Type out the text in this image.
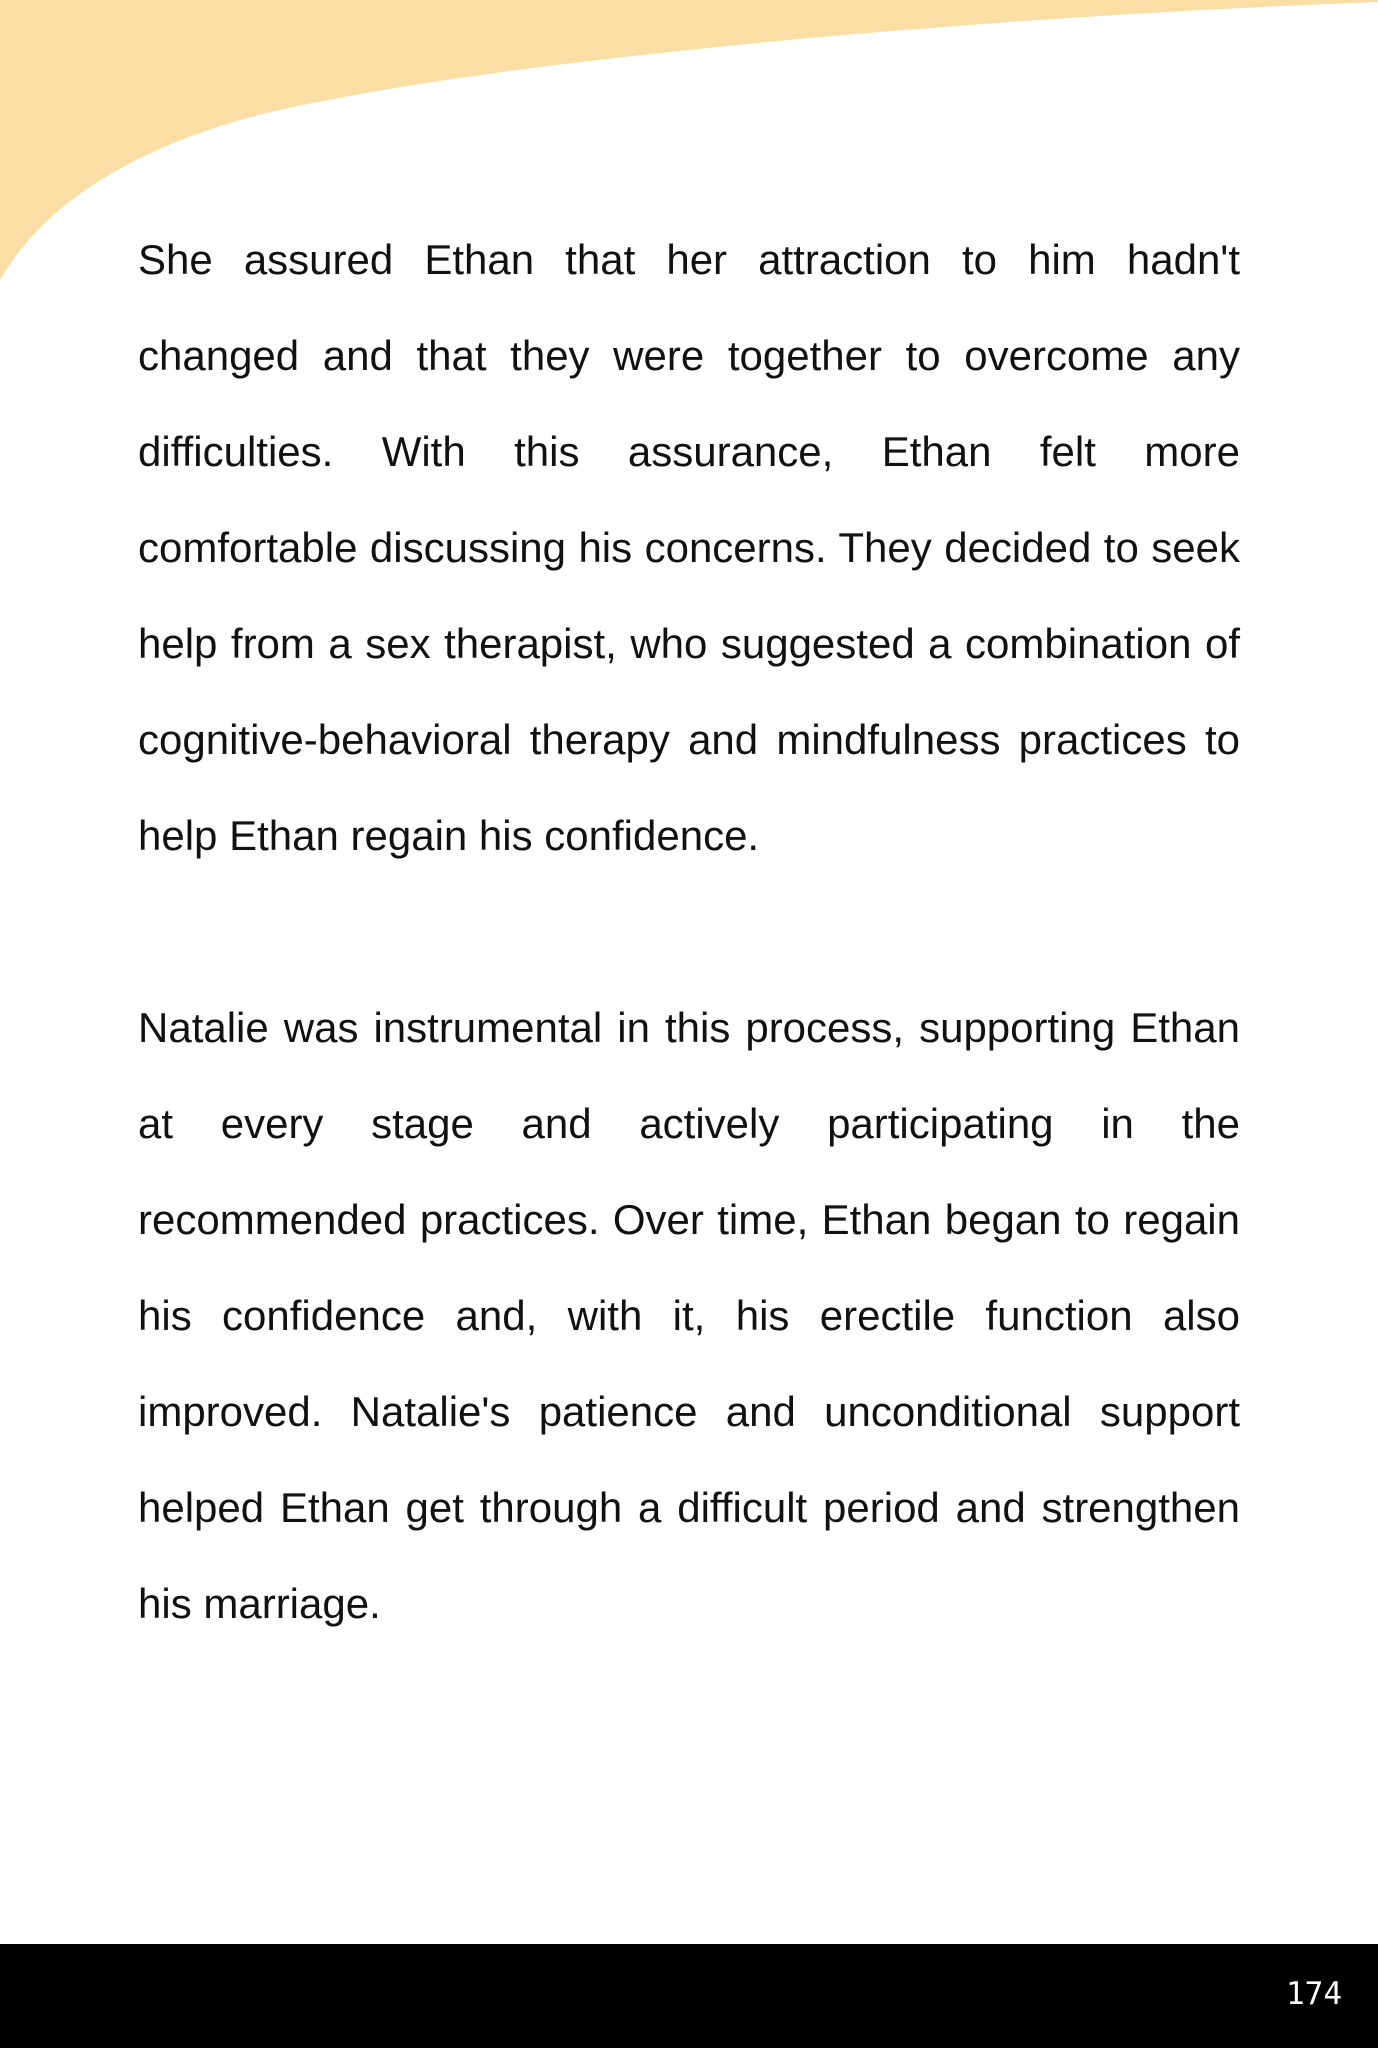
She assured Ethan that her attraction to him hadn't changed and that they were together to overcome any difficulties. With this assurance, Ethan felt more comfortable discussing his concerns. They decided to seek help from a sex therapist, who suggested a combination of cognitive-behavioral therapy and mindfulness practices to help Ethan regain his confidence.

Natalie was instrumental in this process, supporting Ethan at every stage and actively participating in the recommended practices. Over time, Ethan began to regain his confidence and, with it, his erectile function also improved. Natalie's patience and unconditional support helped Ethan get through a difficult period and strengthen his marriage.

174
